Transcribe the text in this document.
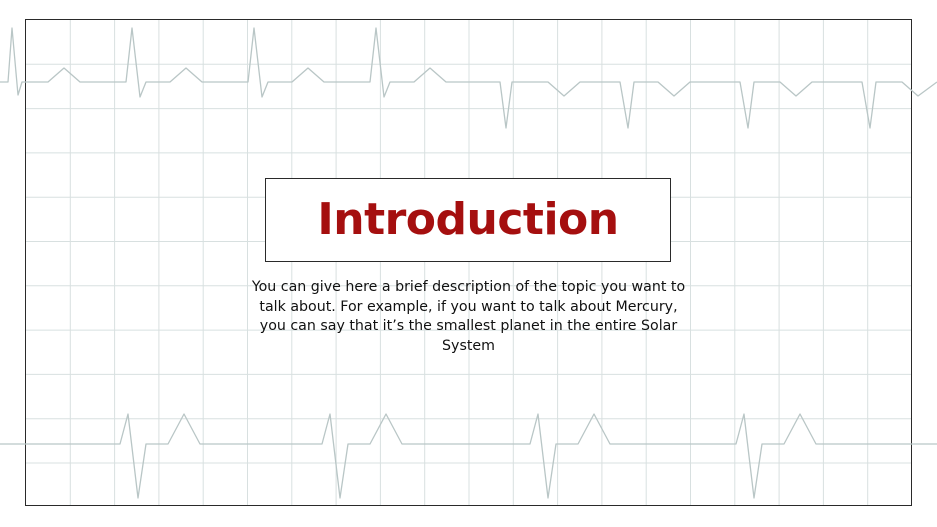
Introduction
You can give here a brief description of the topic you want to talk about. For example, if you want to talk about Mercury, you can say that it’s the smallest planet in the entire Solar System
